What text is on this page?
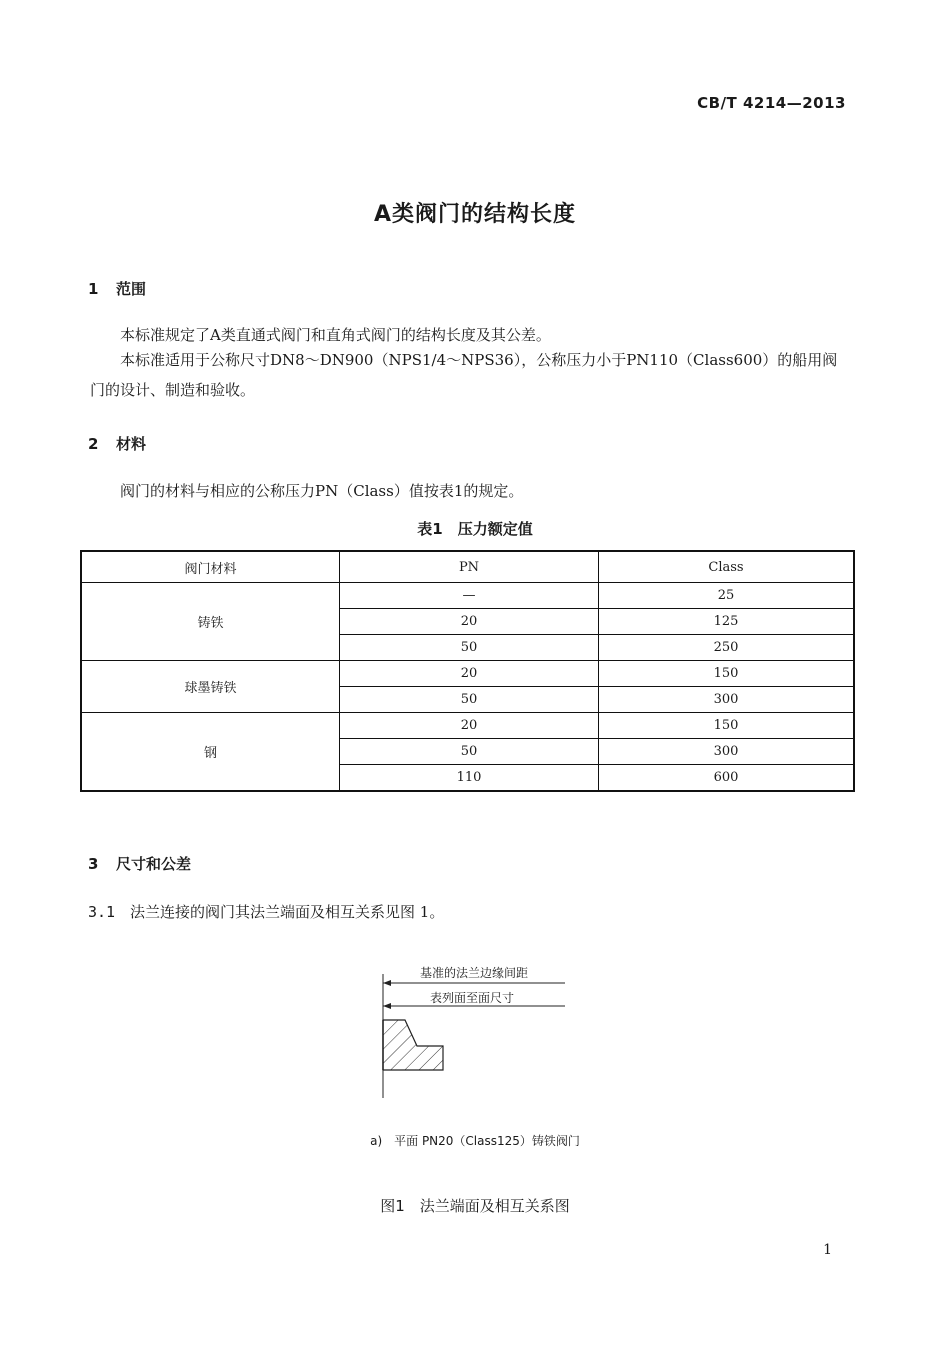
CB/T 4214—2013
A类阀门的结构长度
1 范围
本标准规定了A类直通式阀门和直角式阀门的结构长度及其公差。
本标准适用于公称尺寸DN8～DN900（NPS1/4～NPS36），公称压力小于PN110（Class600）的船用阀门的设计、制造和验收。
2 材料
阀门的材料与相应的公称压力PN（Class）值按表1的规定。
表1　压力额定值
阀门材料	PN	Class
铸铁	—	25
	20	125
	50	250
球墨铸铁	20	150
	50	300
钢	20	150
	50	300
	110	600
3 尺寸和公差
3.1 法兰连接的阀门其法兰端面及相互关系见图 1。
基准的法兰边缘间距
表列面至面尺寸
a)　平面 PN20（Class125）铸铁阀门
图1　法兰端面及相互关系图
1
